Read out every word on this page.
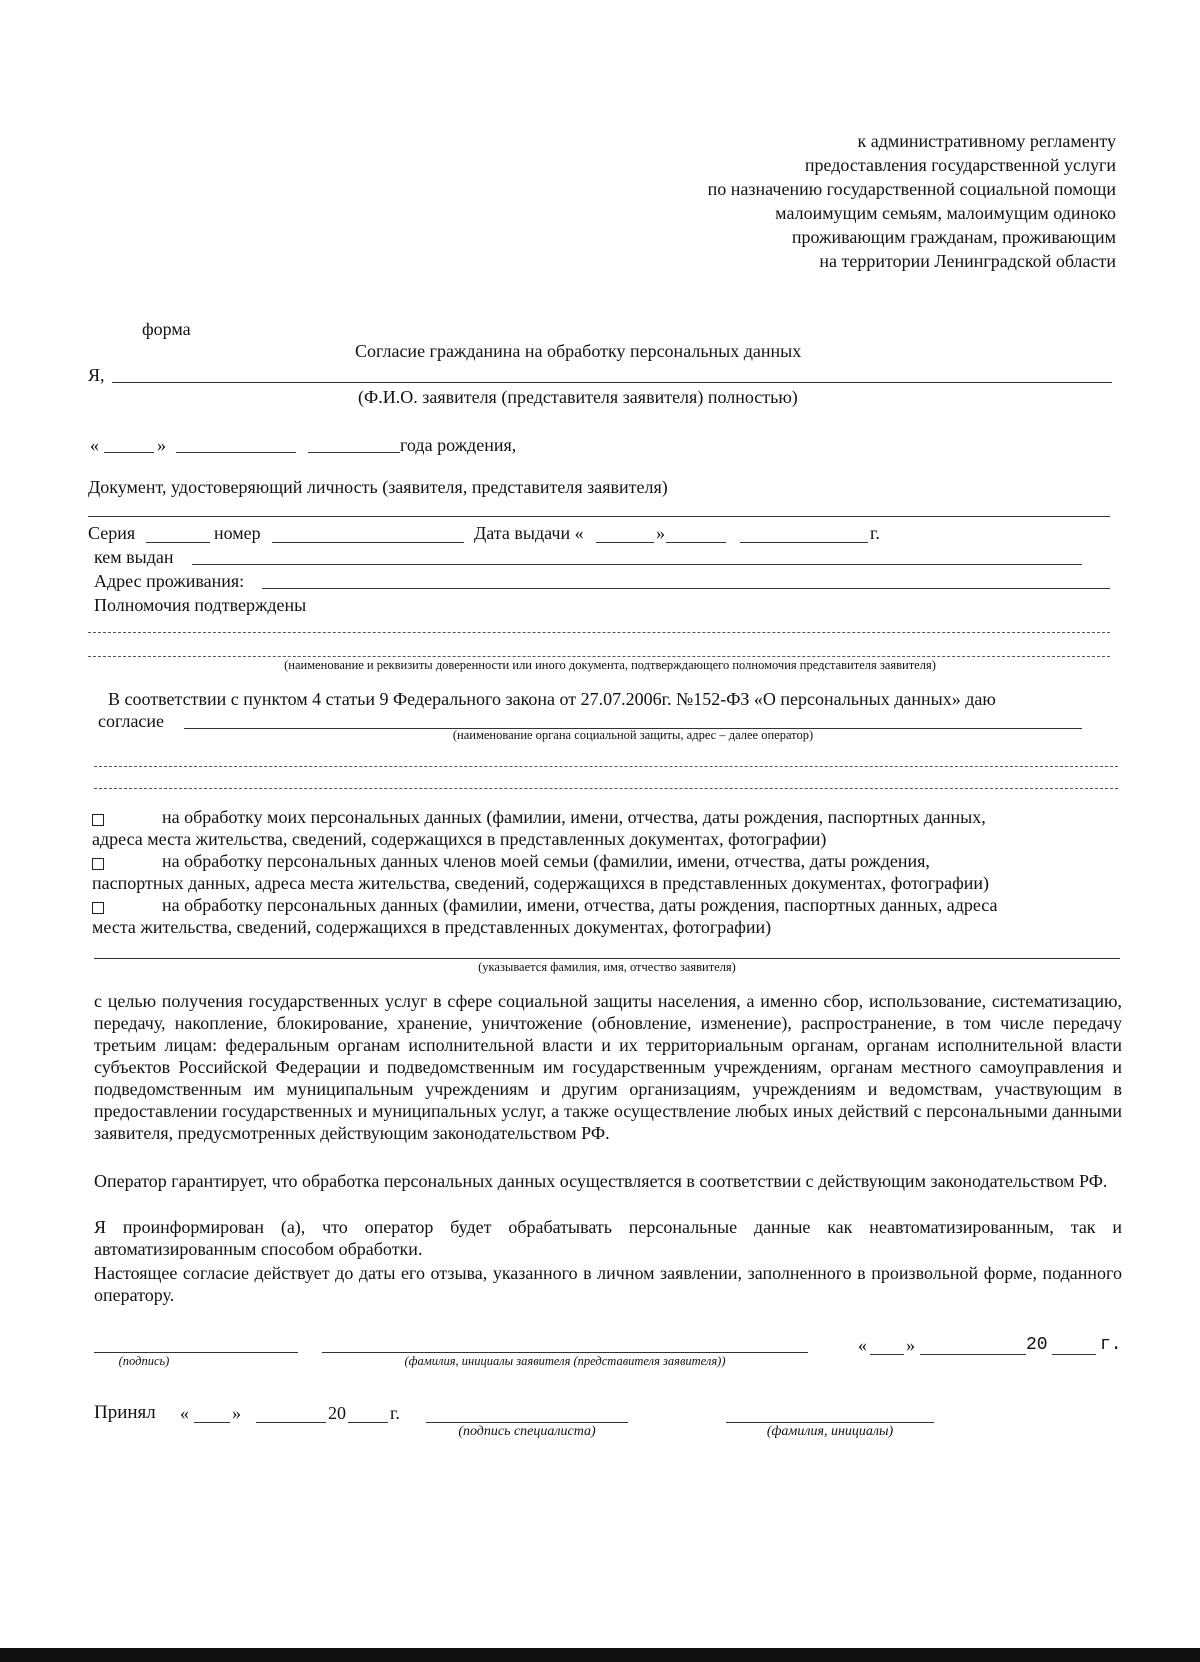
к административному регламенту
предоставления государственной услуги
по назначению государственной социальной помощи
малоимущим семьям, малоимущим одиноко
проживающим гражданам, проживающим
на территории Ленинградской области
форма
Согласие гражданина на обработку персональных данных
Я,
(Ф.И.О. заявителя (представителя заявителя) полностью)
«	»	года рождения,
Документ, удостоверяющий личность (заявителя, представителя заявителя)
Серия	номер	Дата выдачи «	»	г.
кем выдан
Адрес проживания:
Полномочия подтверждены
(наименование и реквизиты доверенности или иного документа, подтверждающего полномочия представителя заявителя)
В соответствии с пунктом 4 статьи 9 Федерального закона от 27.07.2006г. №152-ФЗ «О персональных данных» даю
согласие
(наименование органа социальной защиты, адрес – далее оператор)
на обработку моих персональных данных (фамилии, имени, отчества, даты рождения, паспортных данных,
адреса места жительства, сведений, содержащихся в представленных документах, фотографии)
на обработку персональных данных членов моей семьи (фамилии, имени, отчества, даты рождения,
паспортных данных, адреса места жительства, сведений, содержащихся в представленных документах, фотографии)
на обработку персональных данных (фамилии, имени, отчества, даты рождения, паспортных данных, адреса
места жительства, сведений, содержащихся в представленных документах, фотографии)
(указывается фамилия, имя, отчество заявителя)
с целью получения государственных услуг в сфере социальной защиты населения, а именно сбор, использование, систематизацию, передачу, накопление, блокирование, хранение, уничтожение (обновление, изменение), распространение, в том числе передачу третьим лицам: федеральным органам исполнительной власти и их территориальным органам, органам исполнительной власти субъектов Российской Федерации и подведомственным им государственным учреждениям, органам местного самоуправления и подведомственным им муниципальным учреждениям и другим организациям, учреждениям и ведомствам, участвующим в предоставлении государственных и муниципальных услуг, а также осуществление любых иных действий с персональными данными заявителя, предусмотренных действующим законодательством РФ.
Оператор гарантирует, что обработка персональных данных осуществляется в соответствии с действующим законодательством РФ.
Я проинформирован (а), что оператор будет обрабатывать персональные данные как неавтоматизированным, так и автоматизированным способом обработки.
Настоящее согласие действует до даты его отзыва, указанного в личном заявлении, заполненного в произвольной форме, поданного оператору.
(подпись)	(фамилия, инициалы заявителя (представителя заявителя))
« »	20	г.
Принял « »	20 г.
(подпись специалиста)	(фамилия, инициалы)
